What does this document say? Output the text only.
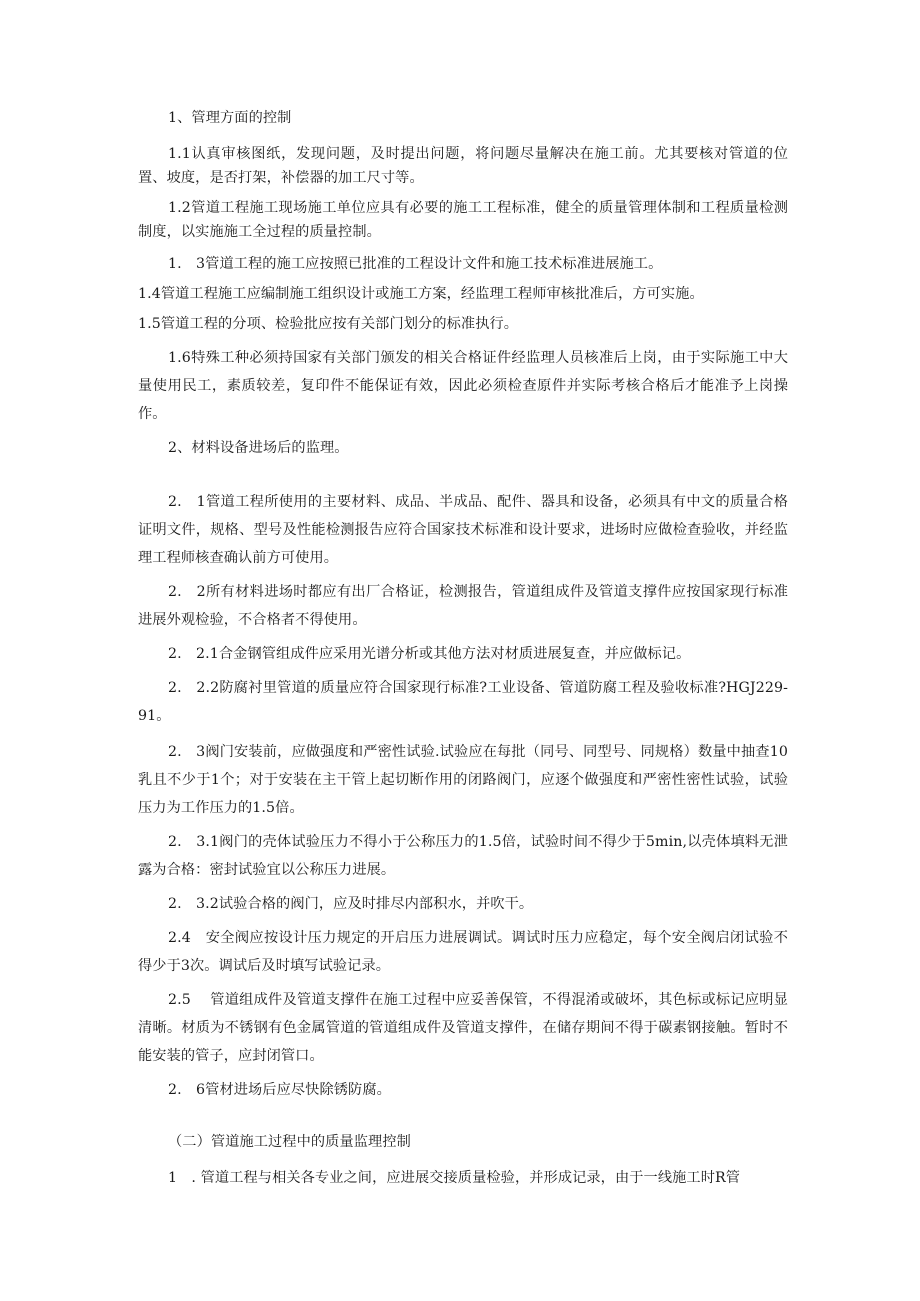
1、管理方面的控制

1.1认真审核图纸，发现问题，及时提出问题，将问题尽量解决在施工前。尤其要核对管道的位置、坡度，是否打架，补偿器的加工尺寸等。

1.2管道工程施工现场施工单位应具有必要的施工工程标准，健全的质量管理体制和工程质量检测制度，以实施施工全过程的质量控制。

1.　3管道工程的施工应按照已批准的工程设计文件和施工技术标准进展施工。

1.4管道工程施工应编制施工组织设计或施工方案，经监理工程师审核批准后，方可实施。

1.5管道工程的分项、检验批应按有关部门划分的标准执行。

1.6特殊工种必须持国家有关部门颁发的相关合格证件经监理人员核准后上岗，由于实际施工中大量使用民工，素质较差，复印件不能保证有效，因此必须检查原件并实际考核合格后才能准予上岗操作。

2、材料设备进场后的监理。

2.　1管道工程所使用的主要材料、成品、半成品、配件、器具和设备，必须具有中文的质量合格证明文件，规格、型号及性能检测报告应符合国家技术标准和设计要求，进场时应做检查验收，并经监理工程师核查确认前方可使用。

2.　2所有材料进场时都应有出厂合格证，检测报告，管道组成件及管道支撑件应按国家现行标准进展外观检验，不合格者不得使用。

2.　2.1合金钢管组成件应采用光谱分析或其他方法对材质进展复查，并应做标记。

2.　2.2防腐衬里管道的质量应符合国家现行标准?工业设备、管道防腐工程及验收标准?HGJ229-91。

2.　3阀门安装前，应做强度和严密性试验.试验应在每批（同号、同型号、同规格）数量中抽查10乳且不少于1个；对于安装在主干管上起切断作用的闭路阀门，应逐个做强度和严密性密性试验，试验压力为工作压力的1.5倍。

2.　3.1阀门的壳体试验压力不得小于公称压力的1.5倍，试验时间不得少于5min,以壳体填料无泄露为合格：密封试验宜以公称压力进展。

2.　3.2试验合格的阀门，应及时排尽内部积水，并吹干。

2.4　安全阀应按设计压力规定的开启压力进展调试。调试时压力应稳定，每个安全阀启闭试验不得少于3次。调试后及时填写试验记录。

2.5　 管道组成件及管道支撑件在施工过程中应妥善保管，不得混淆或破坏，其色标或标记应明显清晰。材质为不锈钢有色金属管道的管道组成件及管道支撑件，在储存期间不得于碳素钢接触。暂时不能安装的管子，应封闭管口。

2.　6管材进场后应尽快除锈防腐。

（二）管道施工过程中的质量监理控制

1　. 管道工程与相关各专业之间，应进展交接质量检验，并形成记录，由于一线施工时R管
